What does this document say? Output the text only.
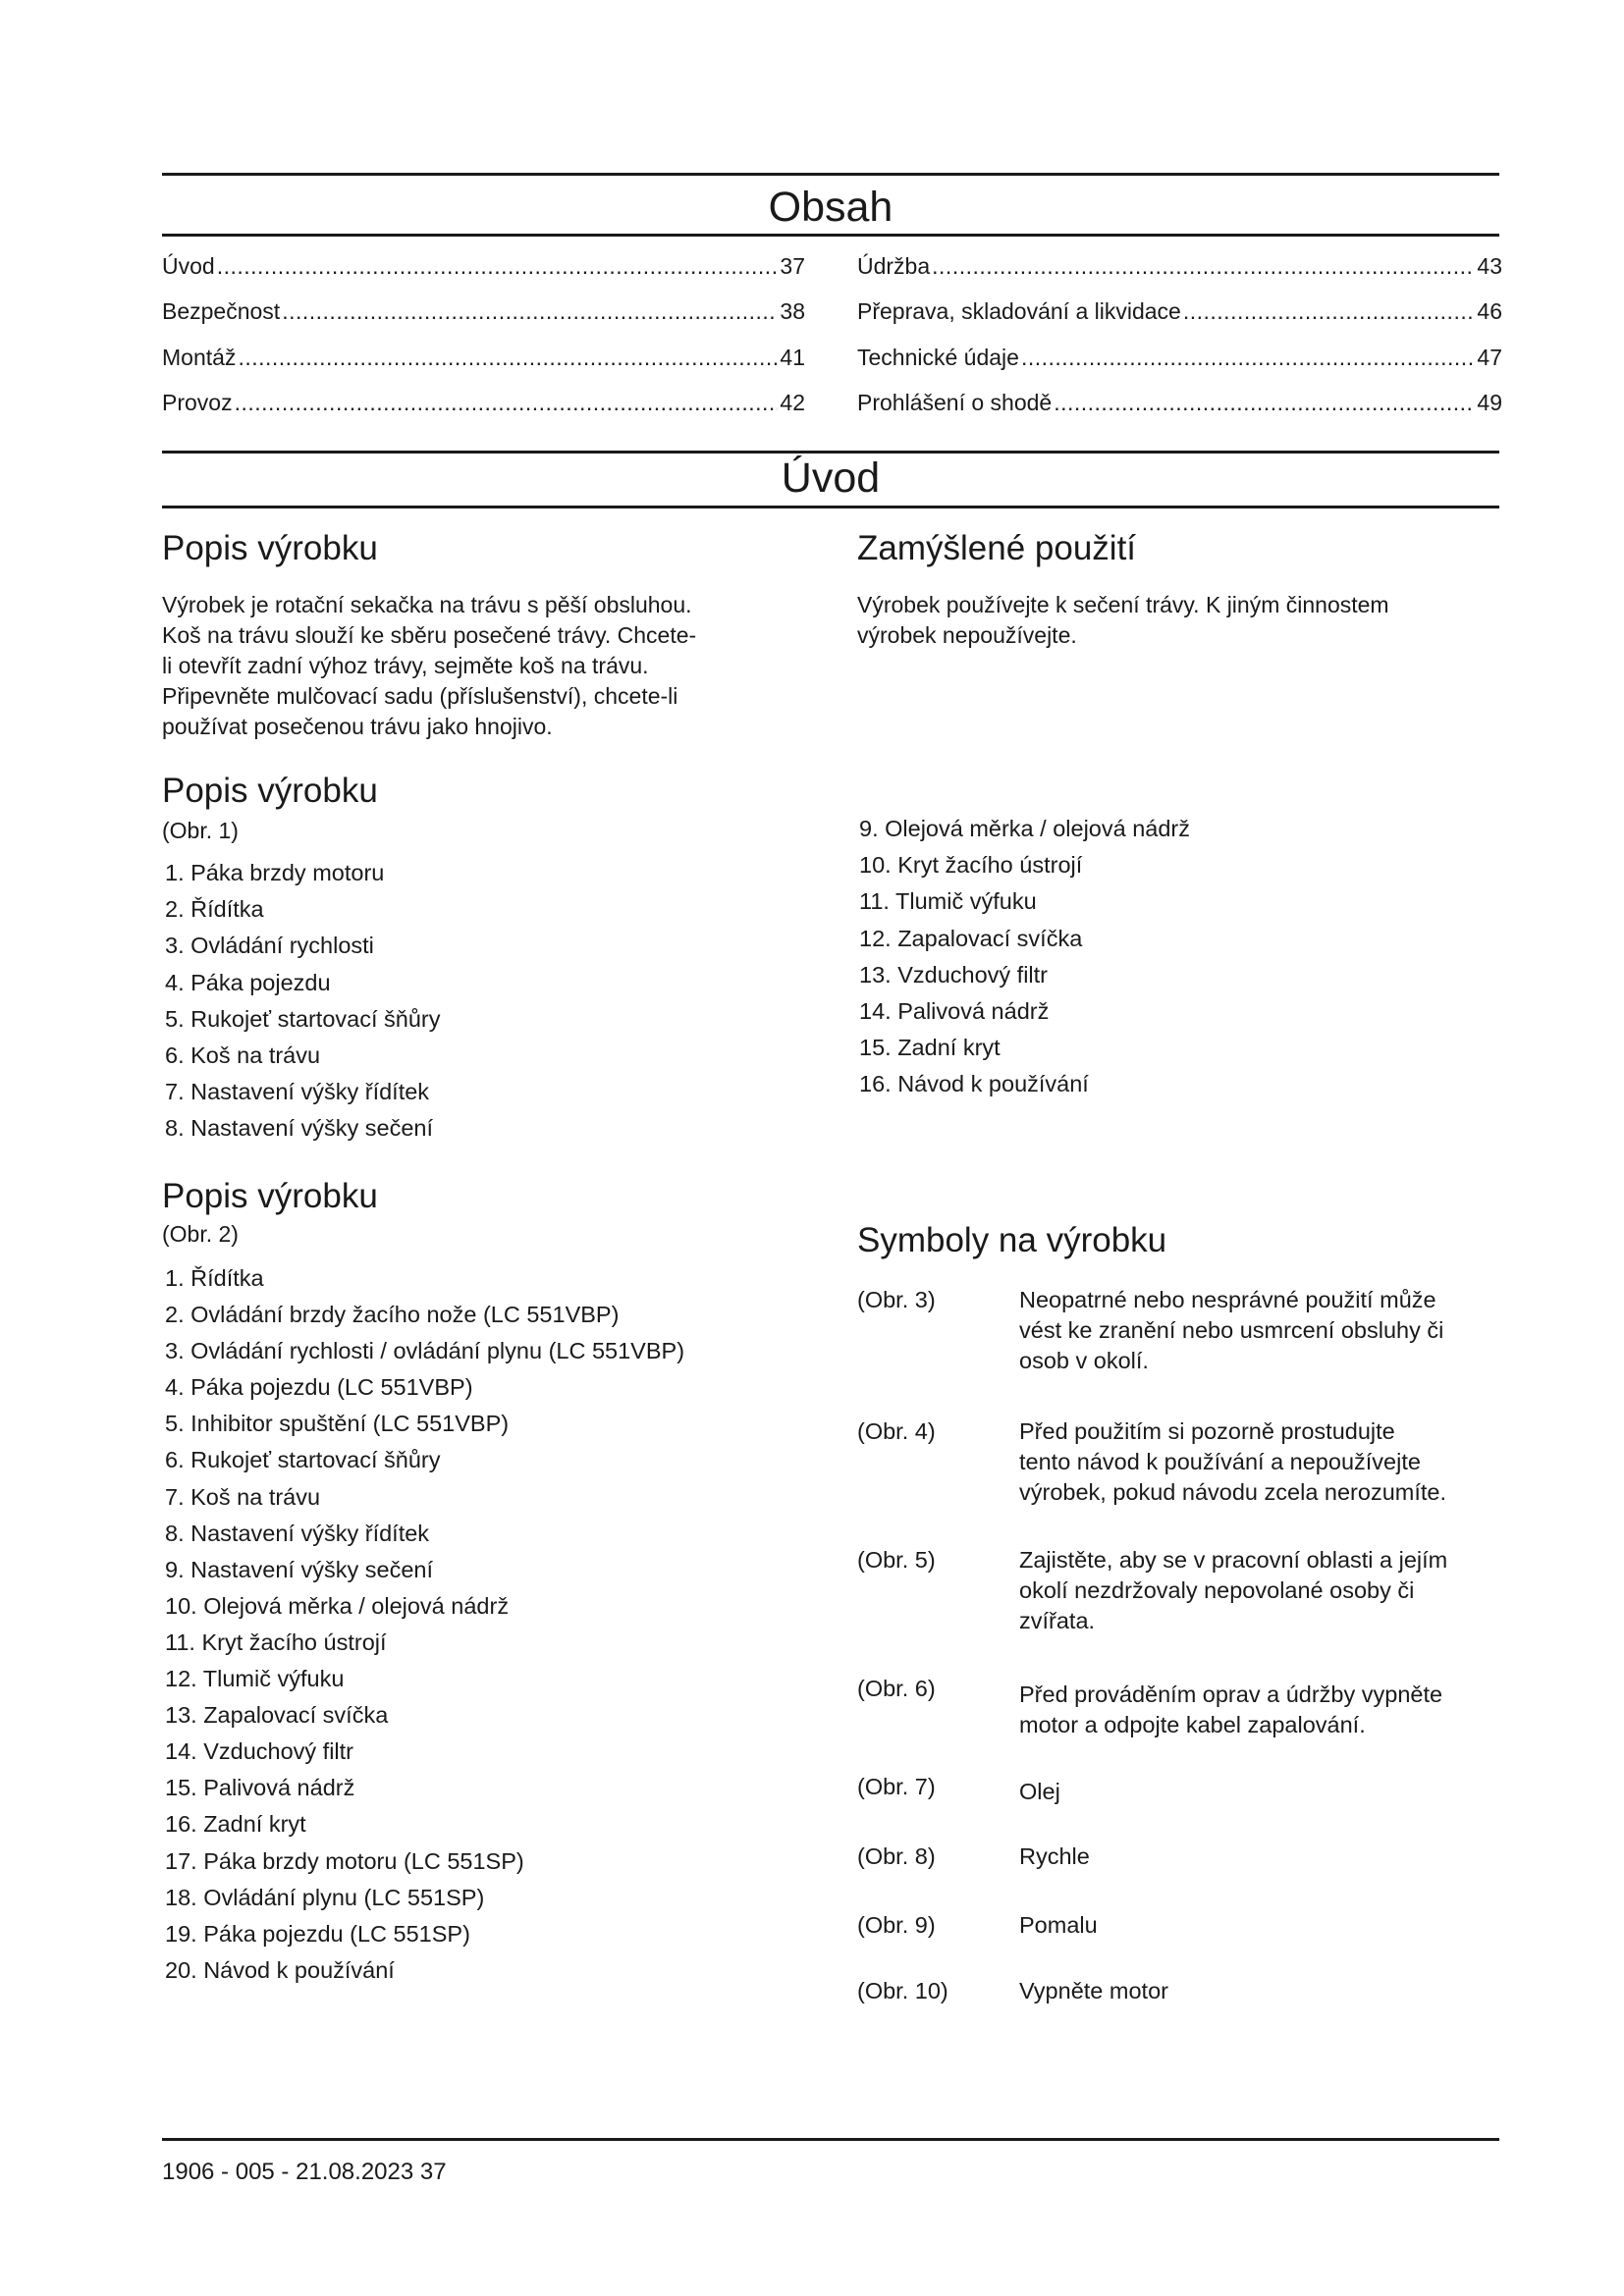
Obsah
Úvod .....	37
Bezpečnost .....	38
Montáž .....	41
Provoz .....	42
Údržba .....	43
Přeprava, skladování a likvidace .....	46
Technické údaje .....	47
Prohlášení o shodě .....	49
Úvod
Popis výrobku
Výrobek je rotační sekačka na trávu s pěší obsluhou.
Koš na trávu slouží ke sběru posečené trávy. Chcete-
li otevřít zadní výhoz trávy, sejměte koš na trávu.
Připevněte mulčovací sadu (příslušenství), chcete-li
používat posečenou trávu jako hnojivo.
Zamýšlené použití
Výrobek používejte k sečení trávy. K jiným činnostem
výrobek nepoužívejte.
Popis výrobku
(Obr. 1)
1. Páka brzdy motoru
2. Řídítka
3. Ovládání rychlosti
4. Páka pojezdu
5. Rukojeť startovací šňůry
6. Koš na trávu
7. Nastavení výšky řídítek
8. Nastavení výšky sečení
9. Olejová měrka / olejová nádrž
10. Kryt žacího ústrojí
11. Tlumič výfuku
12. Zapalovací svíčka
13. Vzduchový filtr
14. Palivová nádrž
15. Zadní kryt
16. Návod k používání
Popis výrobku
(Obr. 2)
1. Řídítka
2. Ovládání brzdy žacího nože (LC 551VBP)
3. Ovládání rychlosti / ovládání plynu (LC 551VBP)
4. Páka pojezdu (LC 551VBP)
5. Inhibitor spuštění (LC 551VBP)
6. Rukojeť startovací šňůry
7. Koš na trávu
8. Nastavení výšky řídítek
9. Nastavení výšky sečení
10. Olejová měrka / olejová nádrž
11. Kryt žacího ústrojí
12. Tlumič výfuku
13. Zapalovací svíčka
14. Vzduchový filtr
15. Palivová nádrž
16. Zadní kryt
17. Páka brzdy motoru (LC 551SP)
18. Ovládání plynu (LC 551SP)
19. Páka pojezdu (LC 551SP)
20. Návod k používání
Symboly na výrobku
(Obr. 3)	Neopatrné nebo nesprávné použití může
vést ke zranění nebo usmrcení obsluhy či
osob v okolí.
(Obr. 4)	Před použitím si pozorně prostudujte
tento návod k používání a nepoužívejte
výrobek, pokud návodu zcela nerozumíte.
(Obr. 5)	Zajistěte, aby se v pracovní oblasti a jejím
okolí nezdržovaly nepovolané osoby či
zvířata.
(Obr. 6)	Před prováděním oprav a údržby vypněte
motor a odpojte kabel zapalování.
(Obr. 7)	Olej
(Obr. 8)	Rychle
(Obr. 9)	Pomalu
(Obr. 10)	Vypněte motor
1906 - 005 - 21.08.2023 37
